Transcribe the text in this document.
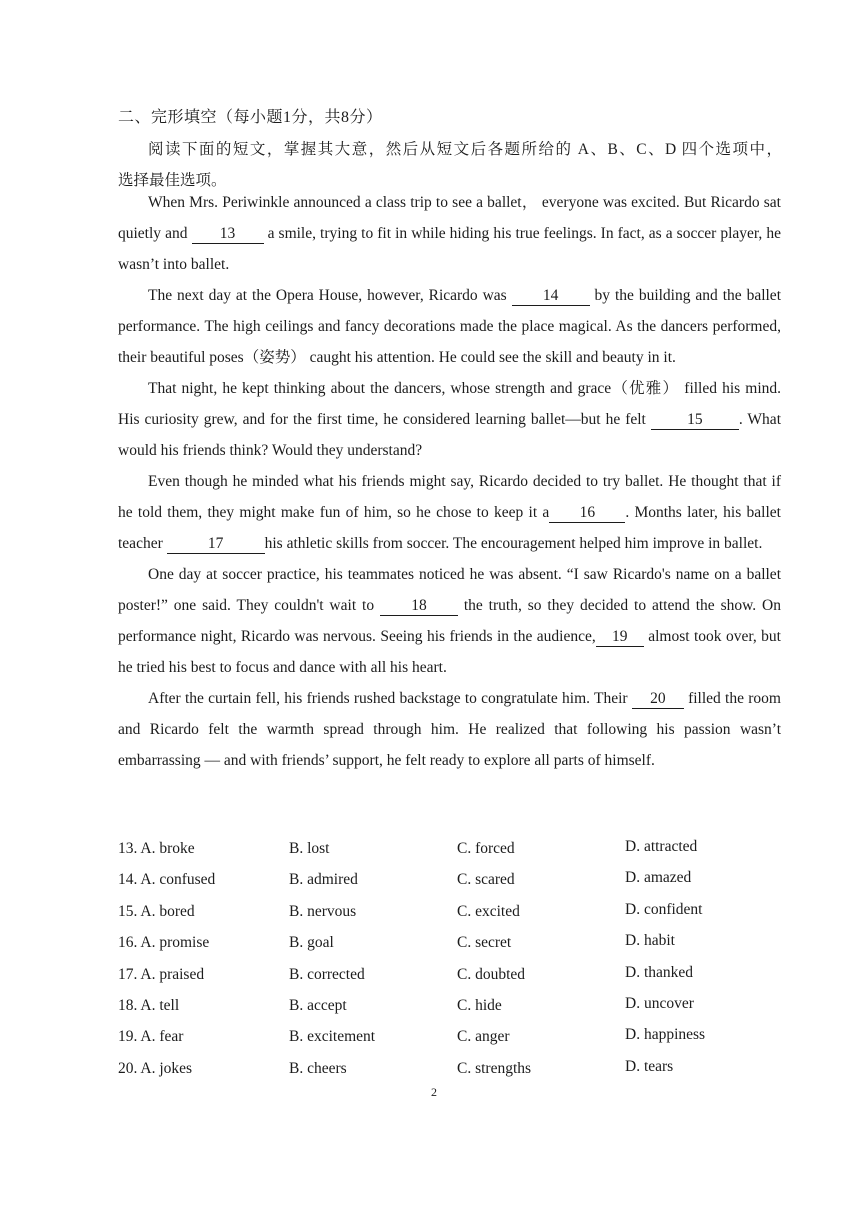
二、完形填空（每小题1分，共8分）
阅读下面的短文，掌握其大意，然后从短文后各题所给的 A、B、C、D 四个选项中，
选择最佳选项。

When Mrs. Periwinkle announced a class trip to see a ballet， everyone was excited. But Ricardo sat quietly and 13 a smile, trying to fit in while hiding his true feelings. In fact, as a soccer player, he wasn’t into ballet.

The next day at the Opera House, however, Ricardo was 14 by the building and the ballet performance. The high ceilings and fancy decorations made the place magical. As the dancers performed, their beautiful poses（姿势） caught his attention. He could see the skill and beauty in it.

That night, he kept thinking about the dancers, whose strength and grace（优雅） filled his mind. His curiosity grew, and for the first time, he considered learning ballet—but he felt 15 . What would his friends think? Would they understand?

Even though he minded what his friends might say, Ricardo decided to try ballet. He thought that if he told them, they might make fun of him, so he chose to keep it a 16 . Months later, his ballet teacher	17	his athletic skills from soccer. The encouragement helped him improve in ballet.

One day at soccer practice, his teammates noticed he was absent. “I saw Ricardo's name on a ballet poster!” one said. They couldn't wait to 18 the truth, so they decided to attend the show. On performance night, Ricardo was nervous. Seeing his friends in the audience, 19 almost took over, but he tried his best to focus and dance with all his heart.

After the curtain fell, his friends rushed backstage to congratulate him. Their 20 filled the room and Ricardo felt the warmth spread through him. He realized that following his passion wasn’t embarrassing — and with friends’ support, he felt ready to explore all parts of himself.

13. A. broke	B. lost	C. forced	D. attracted
14. A. confused	B. admired	C. scared	D. amazed
15. A. bored	B. nervous	C. excited	D. confident
16. A. promise	B. goal	C. secret	D. habit
17. A. praised	B. corrected	C. doubted	D. thanked
18. A. tell	B. accept	C. hide	D. uncover
19. A. fear	B. excitement	C. anger	D. happiness
20. A. jokes	B. cheers	C. strengths	D. tears
2
